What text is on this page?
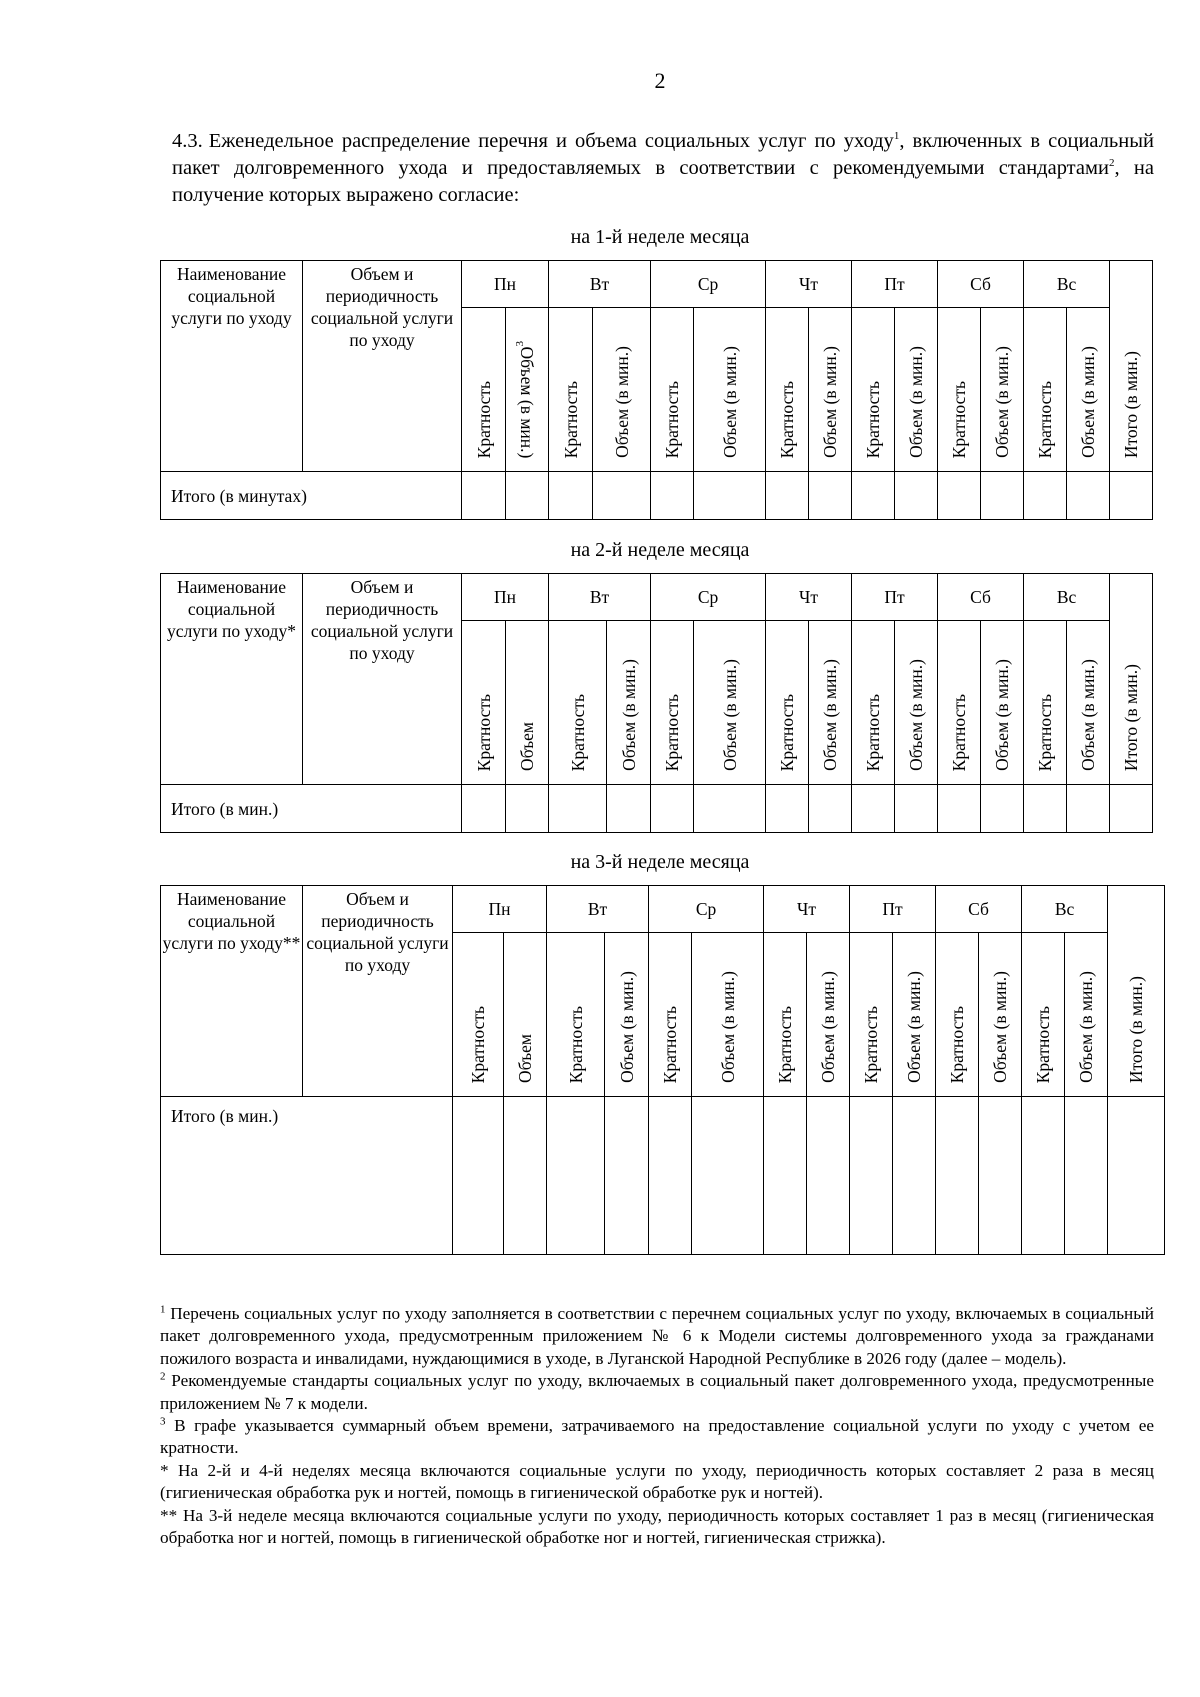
2
4.3. Еженедельное распределение перечня и объема социальных услуг по уходу$^1$, включенных в социальный пакет долговременного ухода и предоставляемых в соответствии с рекомендуемыми стандартами$^2$, на получение которых выражено согласие:
на 1-й неделе месяца
Наименование социальной услуги по уходу	Объем и периодичность социальной услуги по уходу	Пн		Вт		Ср		Чт		Пт		Сб		Вс		Итого (в мин.)
		Кратность	Объем (в мин.)$^3$	Кратность	Объем (в мин.)	Кратность	Объем (в мин.)	Кратность	Объем (в мин.)	Кратность	Объем (в мин.)	Кратность	Объем (в мин.)	Кратность	Объем (в мин.)	
Итого (в минутах)																
на 2-й неделе месяца
Наименование социальной услуги по уходу*	Объем и периодичность социальной услуги по уходу	Пн		Вт		Ср		Чт		Пт		Сб		Вс		Итого (в мин.)
		Кратность	Объем	Кратность	Объем (в мин.)	Кратность	Объем (в мин.)	Кратность	Объем (в мин.)	Кратность	Объем (в мин.)	Кратность	Объем (в мин.)	Кратность	Объем (в мин.)	
Итого (в мин.)																
на 3-й неделе месяца
Наименование социальной услуги по уходу**	Объем и периодичность социальной услуги по уходу	Пн		Вт		Ср		Чт		Пт		Сб		Вс		Итого (в мин.)
		Кратность	Объем	Кратность	Объем (в мин.)	Кратность	Объем (в мин.)	Кратность	Объем (в мин.)	Кратность	Объем (в мин.)	Кратность	Объем (в мин.)	Кратность	Объем (в мин.)	
Итого (в мин.)																

$^1$ Перечень социальных услуг по уходу заполняется в соответствии с перечнем социальных услуг по уходу, включаемых в социальный пакет долговременного ухода, предусмотренным приложением № 6 к Модели системы долговременного ухода за гражданами пожилого возраста и инвалидами, нуждающимися в уходе, в Луганской Народной Республике в 2026 году (далее – модель).

$^2$ Рекомендуемые стандарты социальных услуг по уходу, включаемых в социальный пакет долговременного ухода, предусмотренные приложением № 7 к модели.

$^3$ В графе указывается суммарный объем времени, затрачиваемого на предоставление социальной услуги по уходу с учетом ее кратности.

* На 2-й и 4-й неделях месяца включаются социальные услуги по уходу, периодичность которых составляет 2 раза в месяц (гигиеническая обработка рук и ногтей, помощь в гигиенической обработке рук и ногтей).

** На 3-й неделе месяца включаются социальные услуги по уходу, периодичность которых составляет 1 раз в месяц (гигиеническая обработка ног и ногтей, помощь в гигиенической обработке ног и ногтей, гигиеническая стрижка).
